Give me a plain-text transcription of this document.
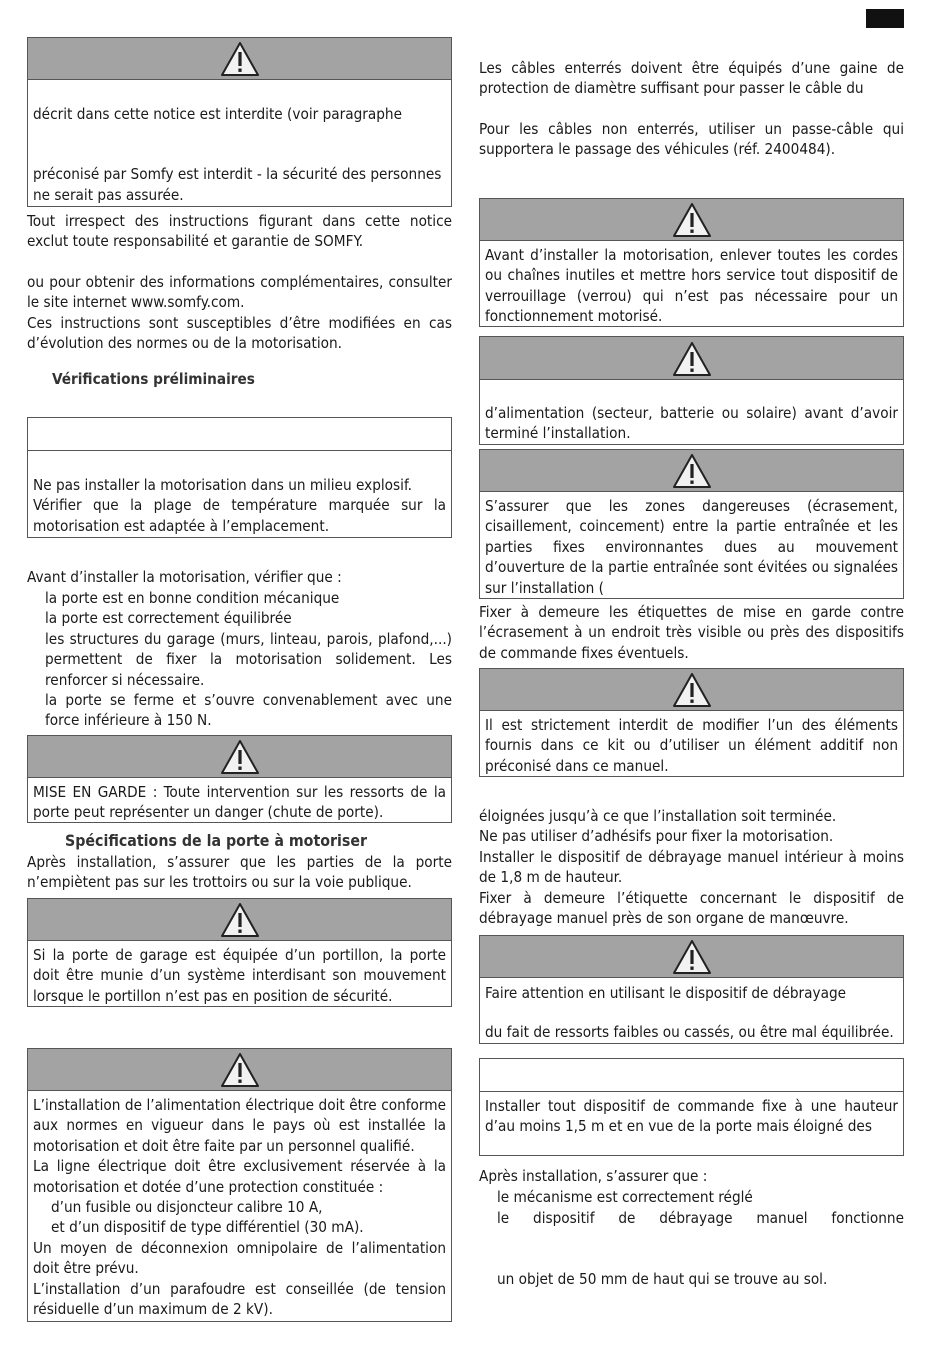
décrit dans cette notice est interdite (voir paragraphe

préconisé par Somfy est interdit - la sécurité des personnes

ne serait pas assurée.

Tout irrespect des instructions figurant dans cette notice exclut toute responsabilité et garantie de SOMFY.

ou pour obtenir des informations complémentaires, consulter le site internet www.somfy.com.

Ces instructions sont susceptibles d’être modifiées en cas d’évolution des normes ou de la motorisation.

Vérifications préliminaires

Ne pas installer la motorisation dans un milieu explosif.

Vérifier que la plage de température marquée sur la motorisation est adaptée à l’emplacement.

Avant d’installer la motorisation, vérifier que :

la porte est en bonne condition mécanique

la porte est correctement équilibrée

les structures du garage (murs, linteau, parois, plafond,...) permettent de fixer la motorisation solidement. Les renforcer si nécessaire.

la porte se ferme et s’ouvre convenablement avec une force inférieure à 150 N.

MISE EN GARDE : Toute intervention sur les ressorts de la porte peut représenter un danger (chute de porte).

Spécifications de la porte à motoriser

Après installation, s’assurer que les parties de la porte n’empiètent pas sur les trottoirs ou sur la voie publique.

Si la porte de garage est équipée d’un portillon, la porte doit être munie d’un système interdisant son mouvement lorsque le portillon n’est pas en position de sécurité.

L’installation de l’alimentation électrique doit être conforme aux normes en vigueur dans le pays où est installée la motorisation et doit être faite par un personnel qualifié.

La ligne électrique doit être exclusivement réservée à la motorisation et dotée d’une protection constituée :

d’un fusible ou disjoncteur calibre 10 A,

et d’un dispositif de type différentiel (30 mA).

Un moyen de déconnexion omnipolaire de l’alimentation doit être prévu.

L’installation d’un parafoudre est conseillée (de tension résiduelle d’un maximum de 2 kV).

Les câbles enterrés doivent être équipés d’une gaine de protection de diamètre suffisant pour passer le câble du

Pour les câbles non enterrés, utiliser un passe-câble qui supportera le passage des véhicules (réf. 2400484).

Avant d’installer la motorisation, enlever toutes les cordes ou chaînes inutiles et mettre hors service tout dispositif de verrouillage (verrou) qui n’est pas nécessaire pour un fonctionnement motorisé.

d’alimentation (secteur, batterie ou solaire) avant d’avoir terminé l’installation.

S’assurer que les zones dangereuses (écrasement, cisaillement, coincement) entre la partie entraînée et les parties fixes environnantes dues au mouvement d’ouverture de la partie entraînée sont évitées ou signalées sur l’installation (

Fixer à demeure les étiquettes de mise en garde contre l’écrasement à un endroit très visible ou près des dispositifs de commande fixes éventuels.

Il est strictement interdit de modifier l’un des éléments fournis dans ce kit ou d’utiliser un élément additif non préconisé dans ce manuel.

éloignées jusqu’à ce que l’installation soit terminée.

Ne pas utiliser d’adhésifs pour fixer la motorisation.

Installer le dispositif de débrayage manuel intérieur à moins de 1,8 m de hauteur.

Fixer à demeure l’étiquette concernant le dispositif de débrayage manuel près de son organe de manœuvre.

Faire attention en utilisant le dispositif de débrayage

du fait de ressorts faibles ou cassés, ou être mal équilibrée.

Installer tout dispositif de commande fixe à une hauteur d’au moins 1,5 m et en vue de la porte mais éloigné des

Après installation, s’assurer que :

le mécanisme est correctement réglé

le dispositif de débrayage manuel fonctionne

un objet de 50 mm de haut qui se trouve au sol.
